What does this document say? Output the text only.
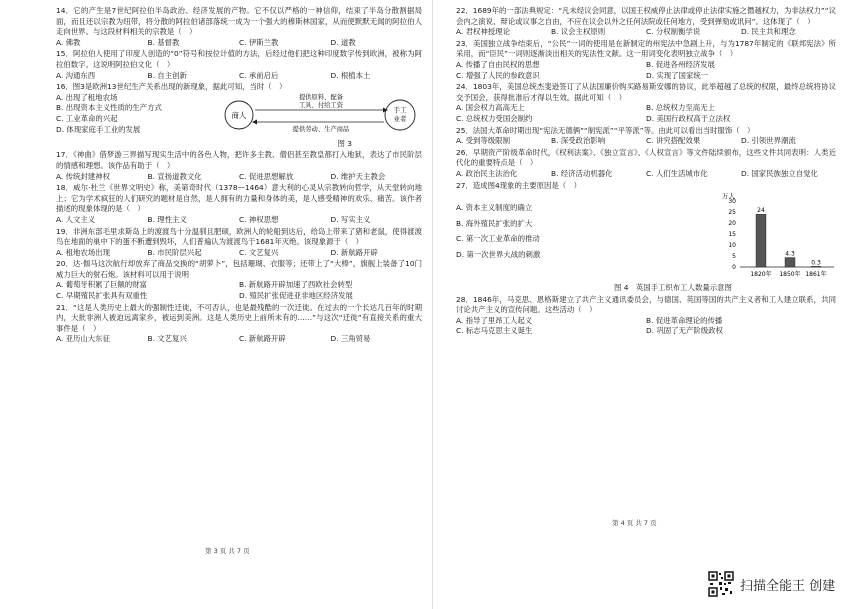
14．它的产生是7世纪阿拉伯半岛政治、经济发展的产物。它不仅以严格的一神信仰，结束了半岛分散割据局面，而且还以宗教为纽带，将分散的阿拉伯诸部落统一成为一个强大的穆斯林国家，从而使默默无闻的阿拉伯人走向世界。与这段材料相关的宗教是（　）

A. 佛教	B. 基督教	C. 伊斯兰教	D. 道教

15．阿拉伯人使用了印度人创造的“0”符号和按位计值的方法，后经过他们把这种印度数字传到欧洲，被称为阿拉伯数字。这说明阿拉伯文化（　）

A. 沟通东西	B. 自主创新	C. 承前启后	D. 根植本土

16．图3是欧洲13世纪生产关系出现的新现象，据此可知，当时（　）

A. 出现了租地农场
B. 出现资本主义性质的生产方式
C. 工业革命的兴起
D. 体现家庭手工业的发展
商人
手工
业者
提供原料、配备
工具、付给工资
提供劳动、生产商品
图 3

17．《神曲》借梦游三界描写现实生活中的各色人物，把许多主教、僧侣甚至教皇都打入地狱，表达了市民阶层的情感和理想。该作品有助于（　）

A. 传统封建神权	B. 宣扬道教文化	C. 促进思想解放	D. 维护天主教会

18．威尔·杜兰《世界文明史》称，美第奇时代（1378—1464）意大利的心灵从宗教转向哲学，从天堂转向地上；它为学术疯狂的人们研究的题材是自然，是人拥有的力量和身体的美，是人感受精神的欢乐、痛苦。该作者描述的现象体现的是（　）

A. 人文主义	B. 理性主义	C. 神权思想	D. 写实主义

19．非洲东部毛里求斯岛上的渡渡鸟十分温驯且肥硕，欧洲人的轮船到达后，给岛上带来了猪和老鼠，使得渡渡鸟在地面的巢中下的蛋不断遭到毁坏，人们普遍认为渡渡鸟于1681年灭绝。该现象源于（　）

A. 租地农场出现	B. 市民阶层兴起	C. 文艺复兴	D. 新航路开辟

20．达·伽马这次航行却放弃了商品交换的“胡萝卜”，包括珊瑚、衣服等；还带上了“大棒”，旗舰上装备了10门威力巨大的射石炮。该材料可以用于说明

A. 葡萄牙积累了巨额的财富	B. 新航路开辟加速了西欧社会转型
C. 早期殖民扩张具有双重性	D. 殖民扩张促进亚非地区经济发展

21．“这是人类历史上最大的强制性迁徙，不可否认，也是最残酷的一次迁徙。在过去的一个长达几百年的时期内，大批非洲人被迫远离家乡，被运到美洲。这是人类历史上前所未有的……”与这次“迁徙”有直接关系的重大事件是（　）

A. 亚历山大东征	B. 文艺复兴	C. 新航路开辟	D. 三角贸易
第 3 页 共 7 页

22．1689年的一部法典规定：“凡未经议会同意，以国王权威停止法律或停止法律实施之僭越权力，为非法权力”“议会内之演说、辩论或议事之自由，不应在议会以外之任何法院或任何地方，受到弹劾或讯问”。这体现了（　）

A. 君权神授理论	B. 议会主权原则	C. 分权制衡学说	D. 民主共和理念

23．美国独立战争结束后，“公民”一词的使用是在新制定的州宪法中急剧上升，与为1787年制定的《联邦宪法》所采用，而“臣民”一词则逐渐淡出相关的宪法性文献。这一用词变化表明独立战争（　）

A. 传播了自由民权的思想	B. 促进各州经济发展
C. 增强了人民的参政意识	D. 实现了国家统一

24．1803年，美国总统杰斐逊签订了从法国廉价购买路易斯安娜的协议，此举超越了总统的权限，最终总统将协议交予国会，获得批准后才得以生效。据此可知（　）

A. 国会权力高高无上	B. 总统权力至高无上
C. 总统权力受国会制约	D. 美国行政权高于立法权

25．法国大革命时期出现“宪法无德俩”“制宪派”“平等派”等。由此可以看出当时服饰（　）

A. 受到等级限制	B. 深受政治影响	C. 讲究搭配效果	D. 引领世界潮流

26．早期资产阶级革命时代，《权利法案》、《独立宣言》、《人权宣言》等文件陆续颁布，这些文件共同表明：人类近代化的重要特点是（　）

A. 政治民主法治化	B. 经济活动机器化	C. 人们生活城市化	D. 国家民族独立自觉化

27．造成图4现象的主要原因是（　）

A. 资本主义制度的确立
B. 海外殖民扩张的扩大
C. 第一次工业革命的推动
D. 第一次世界大战的刺激
万人
30
25
20
15
10
5
0
24
1820年
4.3
1850年
0.3
1861年
图 4　英国手工织布工人数量示意图

28．1846年，马克思、恩格斯建立了共产主义通讯委员会，与德国、英国等国的共产主义者和工人建立联系，共同讨论共产主义的宣传问题。这些活动（　）

A. 指导了里昂工人起义	B. 促进革命理论的传播
C. 标志马克思主义诞生	D. 巩固了无产阶级政权
第 4 页 共 7 页
扫描全能王 创建
